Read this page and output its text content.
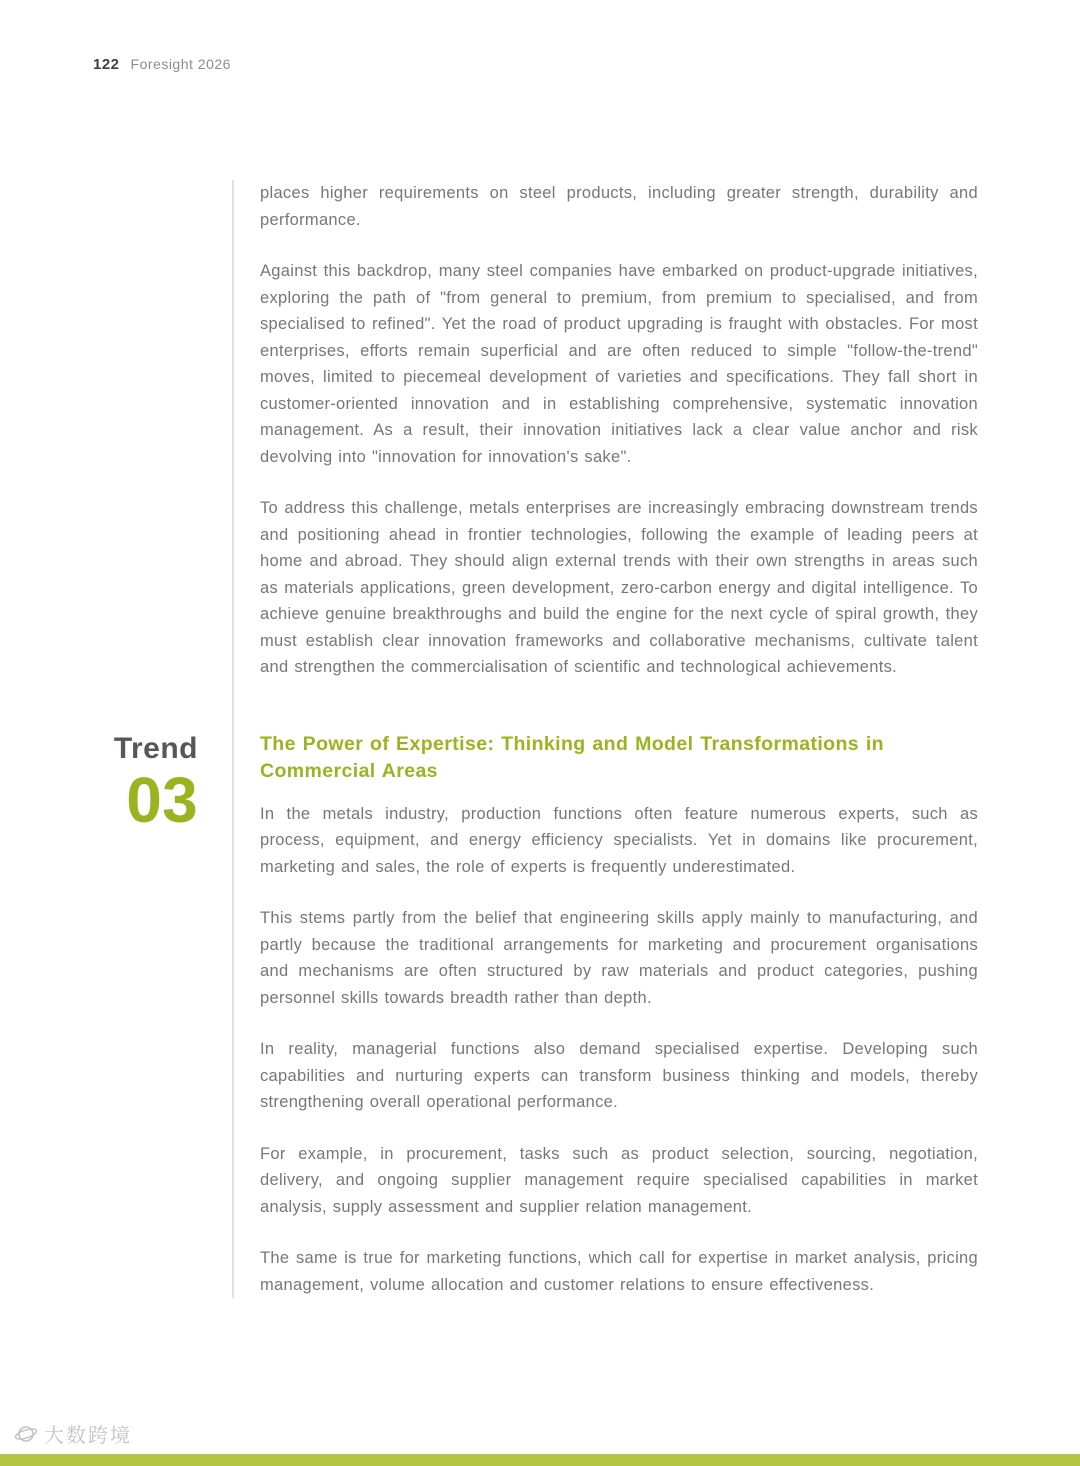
122 Foresight 2026

places higher requirements on steel products, including greater strength, durability and performance.

Against this backdrop, many steel companies have embarked on product-upgrade initiatives, exploring the path of "from general to premium, from premium to specialised, and from specialised to refined". Yet the road of product upgrading is fraught with obstacles. For most enterprises, efforts remain superficial and are often reduced to simple "follow-the-trend" moves, limited to piecemeal development of varieties and specifications. They fall short in customer-oriented innovation and in establishing comprehensive, systematic innovation management. As a result, their innovation initiatives lack a clear value anchor and risk devolving into "innovation for innovation's sake".

To address this challenge, metals enterprises are increasingly embracing downstream trends and positioning ahead in frontier technologies, following the example of leading peers at home and abroad. They should align external trends with their own strengths in areas such as materials applications, green development, zero-carbon energy and digital intelligence. To achieve genuine breakthroughs and build the engine for the next cycle of spiral growth, they must establish clear innovation frameworks and collaborative mechanisms, cultivate talent and strengthen the commercialisation of scientific and technological achievements.

Trend
03
The Power of Expertise: Thinking and Model Transformations in Commercial Areas

In the metals industry, production functions often feature numerous experts, such as process, equipment, and energy efficiency specialists. Yet in domains like procurement, marketing and sales, the role of experts is frequently underestimated.

This stems partly from the belief that engineering skills apply mainly to manufacturing, and partly because the traditional arrangements for marketing and procurement organisations and mechanisms are often structured by raw materials and product categories, pushing personnel skills towards breadth rather than depth.

In reality, managerial functions also demand specialised expertise. Developing such capabilities and nurturing experts can transform business thinking and models, thereby strengthening overall operational performance.

For example, in procurement, tasks such as product selection, sourcing, negotiation, delivery, and ongoing supplier management require specialised capabilities in market analysis, supply assessment and supplier relation management.

The same is true for marketing functions, which call for expertise in market analysis, pricing management, volume allocation and customer relations to ensure effectiveness.

大数跨境
